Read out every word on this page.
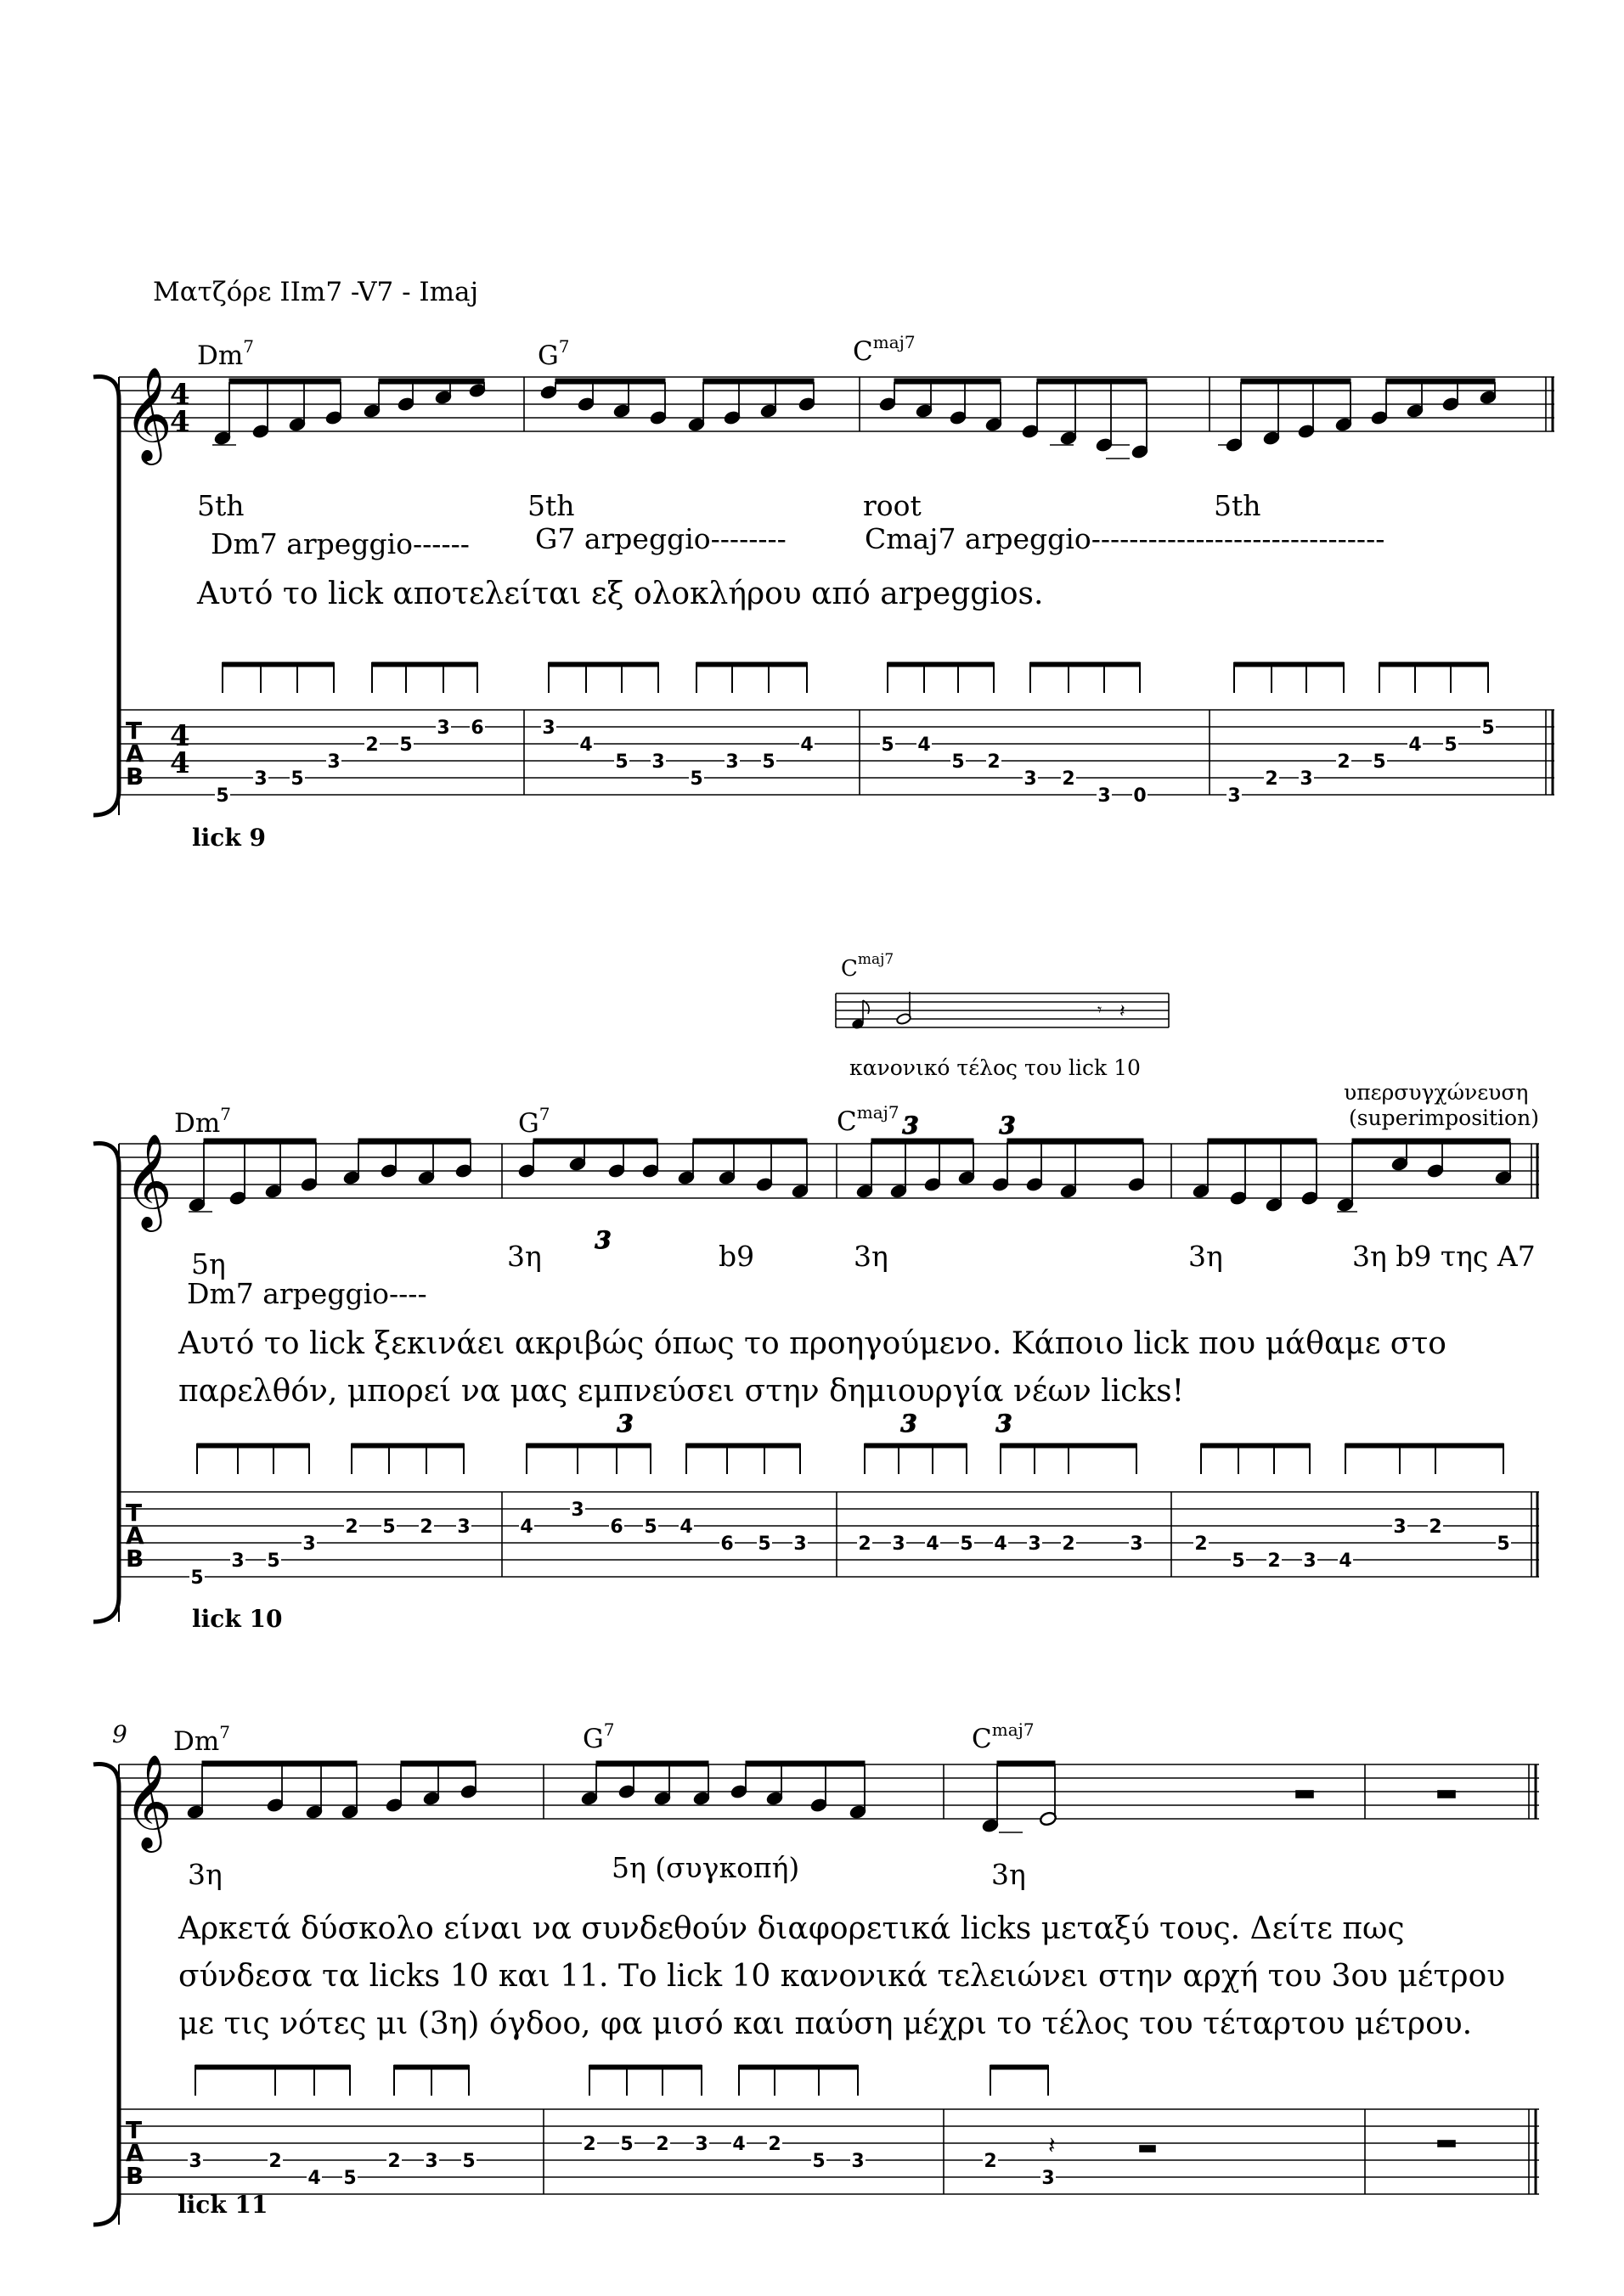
Ματζόρε IIm7 -V7 - Imaj
Dm$^7$	$G^7$	$C^{maj7}$
5th	5th	root	5th
Dm7 arpeggio------ G7 arpeggio--------	Cmaj7 arpeggio-------------------------------
Αυτό το lick αποτελείται εξ ολοκλήρου από arpeggios.
lick 9
$C^{maj7}$
κανονικό τέλος του lick 10
υπερσυγχώνευση
(superimposition)
Dm$^7$	$G^7$	$C^{maj7}$
5η	3η	b9	3η	3η	3η b9 της A7
Dm7 arpeggio----
Αυτό το lick ξεκινάει ακριβώς όπως το προηγούμενο. Κάποιο lick που μάθαμε στο παρελθόν, μπορεί να μας εμπνεύσει στην δημιουργία νέων licks!
lick 10
9 Dm$^7$	$G^7$	$C^{maj7}$
3η	5η (συγκοπή)	3η
Αρκετά δύσκολο είναι να συνδεθούν διαφορετικά licks μεταξύ τους. Δείτε πως σύνδεσα τα licks 10 και 11. Το lick 10 κανονικά τελειώνει στην αρχή του 3ου μέτρου με τις νότες μι (3η) όγδοο, φα μισό και παύση μέχρι το τέλος του τέταρτου μέτρου.
lick 11
𝄞
4
4
T
A
B
4
4
𝄞
T
A
B
𝄾 𝄽
𝄞
T
A
B
𝄽
3	3
3
3	3	3
5
3 5
3
2 5
3 6	3
4
5 3
5
3 5
4	5 4
5 2
3 2
3 0	3
2 3
2 5
4 5
5
5
3 5
3
2 5 2 3	4
3
6 5 4
6 5 3	2 3 4 5 4 3 2	3	2
5 2 3 4
3 2
5
3	2
4 5
2 3 5
2 5 2 3 4 2
5 3	2
3
